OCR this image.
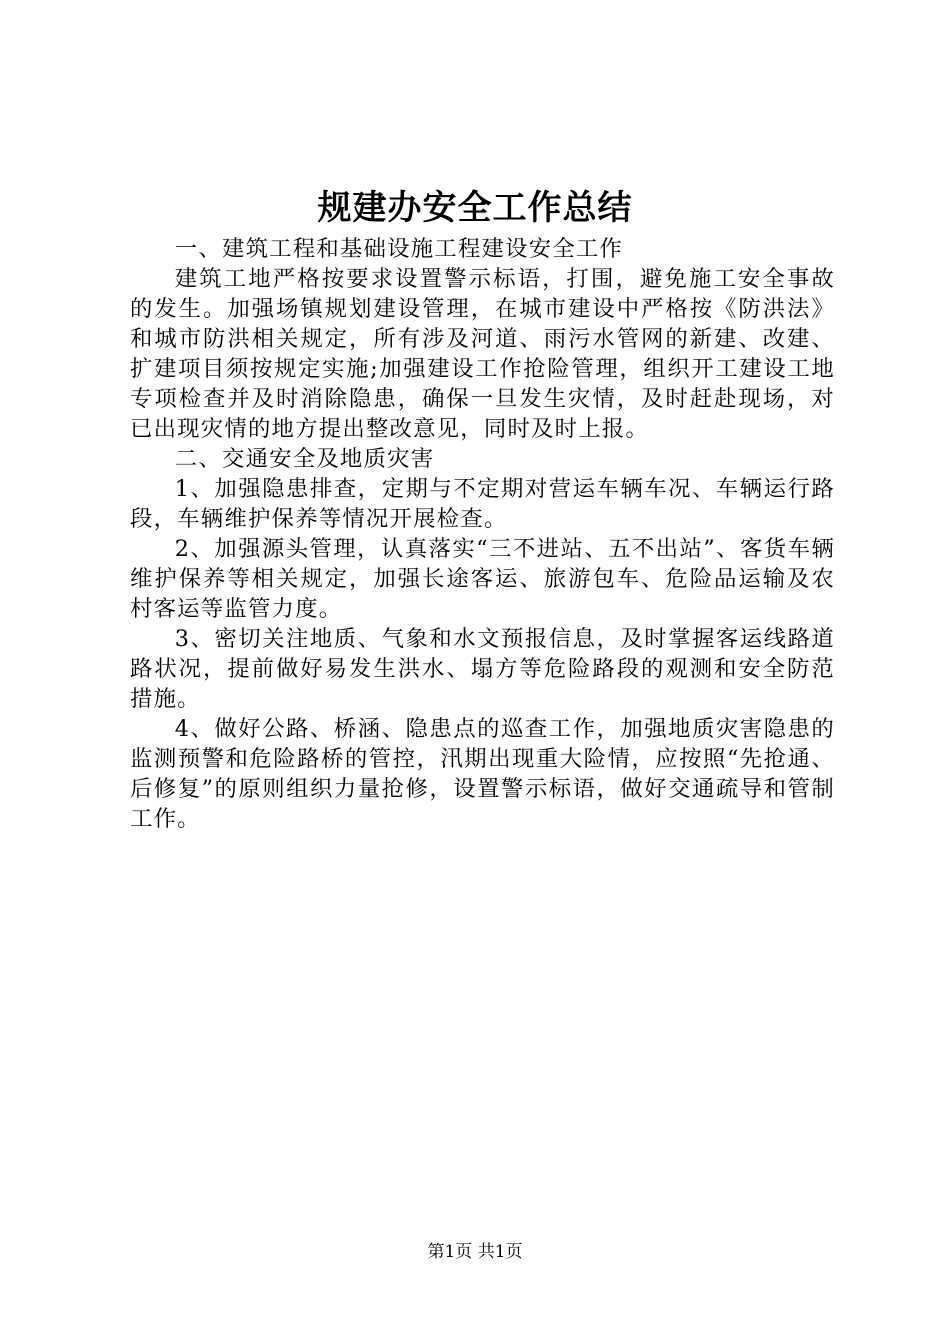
规建办安全工作总结

一、建筑工程和基础设施工程建设安全工作

建筑工地严格按要求设置警示标语，打围，避免施工安全事故的发生。加强场镇规划建设管理，在城市建设中严格按《防洪法》和城市防洪相关规定，所有涉及河道、雨污水管网的新建、改建、扩建项目须按规定实施;加强建设工作抢险管理，组织开工建设工地专项检查并及时消除隐患，确保一旦发生灾情，及时赶赴现场，对已出现灾情的地方提出整改意见，同时及时上报。

二、交通安全及地质灾害

1、加强隐患排查，定期与不定期对营运车辆车况、车辆运行路段，车辆维护保养等情况开展检查。

2、加强源头管理，认真落实“三不进站、五不出站”、客货车辆维护保养等相关规定，加强长途客运、旅游包车、危险品运输及农村客运等监管力度。

3、密切关注地质、气象和水文预报信息，及时掌握客运线路道路状况，提前做好易发生洪水、塌方等危险路段的观测和安全防范措施。

4、做好公路、桥涵、隐患点的巡查工作，加强地质灾害隐患的监测预警和危险路桥的管控，汛期出现重大险情，应按照“先抢通、后修复”的原则组织力量抢修，设置警示标语，做好交通疏导和管制工作。

第1页 共1页
